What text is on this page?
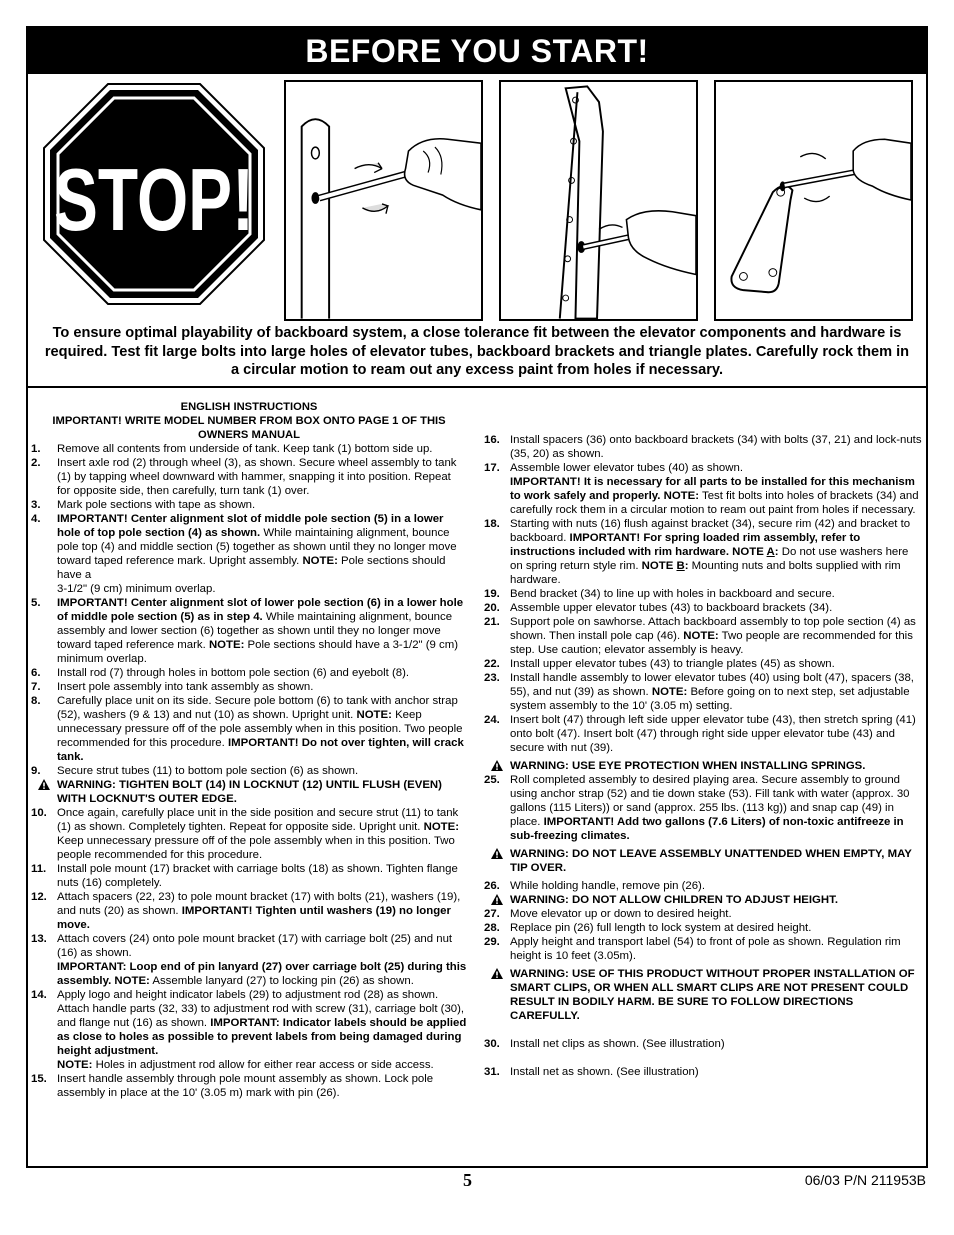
BEFORE YOU START!
STOP!
To ensure optimal playability of backboard system, a close tolerance fit between the elevator components and hardware is required. Test fit large bolts into large holes of elevator tubes, backboard brackets and triangle plates. Carefully rock them in a circular motion to ream out any excess paint from holes if necessary.
ENGLISH INSTRUCTIONS
IMPORTANT! WRITE MODEL NUMBER FROM BOX ONTO PAGE 1 OF THIS OWNERS MANUAL
1.	Remove all contents from underside of tank. Keep tank (1) bottom side up.
2.	Insert axle rod (2) through wheel (3), as shown. Secure wheel assembly to tank (1) by tapping wheel downward with hammer, snapping it into position. Repeat for opposite side, then carefully, turn tank (1) over.
3.	Mark pole sections with tape as shown.
4.	IMPORTANT! Center alignment slot of middle pole section (5) in a lower hole of top pole section (4) as shown. While maintaining alignment, bounce pole top (4) and middle section (5) together as shown until they no longer move toward taped reference mark. Upright assembly. NOTE: Pole sections should have a
3-1/2" (9 cm) minimum overlap.
5.	IMPORTANT! Center alignment slot of lower pole section (6) in a lower hole of middle pole section (5) as in step 4. While maintaining alignment, bounce assembly and lower section (6) together as shown until they no longer move toward taped reference mark. NOTE: Pole sections should have a 3-1/2" (9 cm) minimum overlap.
6.	Install rod (7) through holes in bottom pole section (6) and eyebolt (8).
7.	Insert pole assembly into tank assembly as shown.
8.	Carefully place unit on its side. Secure pole bottom (6) to tank with anchor strap (52), washers (9 & 13) and nut (10) as shown. Upright unit. NOTE: Keep unnecessary pressure off of the pole assembly when in this position. Two people recommended for this procedure. IMPORTANT! Do not over tighten, will crack tank.
9.	Secure strut tubes (11) to bottom pole section (6) as shown.
WARNING: TIGHTEN BOLT (14) IN LOCKNUT (12) UNTIL FLUSH (EVEN) WITH LOCKNUT'S OUTER EDGE.
10. Once again, carefully place unit in the side position and secure strut (11) to tank (1) as shown. Completely tighten. Repeat for opposite side. Upright unit. NOTE: Keep unnecessary pressure off of the pole assembly when in this position. Two people recommended for this procedure.
11. Install pole mount (17) bracket with carriage bolts (18) as shown. Tighten flange nuts (16) completely.
12. Attach spacers (22, 23) to pole mount bracket (17) with bolts (21), washers (19), and nuts (20) as shown. IMPORTANT! Tighten until washers (19) no longer move.
13. Attach covers (24) onto pole mount bracket (17) with carriage bolt (25) and nut (16) as shown.
IMPORTANT: Loop end of pin lanyard (27) over carriage bolt (25) during this assembly. NOTE: Assemble lanyard (27) to locking pin (26) as shown.
14. Apply logo and height indicator labels (29) to adjustment rod (28) as shown. Attach handle parts (32, 33) to adjustment rod with screw (31), carriage bolt (30), and flange nut (16) as shown. IMPORTANT: Indicator labels should be applied as close to holes as possible to prevent labels from being damaged during height adjustment.
NOTE: Holes in adjustment rod allow for either rear access or side access.
15. Insert handle assembly through pole mount assembly as shown. Lock pole assembly in place at the 10' (3.05 m) mark with pin (26).
16. Install spacers (36) onto backboard brackets (34) with bolts (37, 21) and lock-nuts (35, 20) as shown.
17. Assemble lower elevator tubes (40) as shown.
IMPORTANT! It is necessary for all parts to be installed for this mechanism to work safely and properly. NOTE: Test fit bolts into holes of brackets (34) and carefully rock them in a circular motion to ream out paint from holes if necessary.
18. Starting with nuts (16) flush against bracket (34), secure rim (42) and bracket to backboard. IMPORTANT! For spring loaded rim assembly, refer to instructions included with rim hardware. NOTE A: Do not use washers here on spring return style rim. NOTE B: Mounting nuts and bolts supplied with rim hardware.
19. Bend bracket (34) to line up with holes in backboard and secure.
20. Assemble upper elevator tubes (43) to backboard brackets (34).
21. Support pole on sawhorse. Attach backboard assembly to top pole section (4) as shown. Then install pole cap (46). NOTE: Two people are recommended for this step. Use caution; elevator assembly is heavy.
22. Install upper elevator tubes (43) to triangle plates (45) as shown.
23. Install handle assembly to lower elevator tubes (40) using bolt (47), spacers (38, 55), and nut (39) as shown. NOTE: Before going on to next step, set adjustable system assembly to the 10' (3.05 m) setting.
24. Insert bolt (47) through left side upper elevator tube (43), then stretch spring (41) onto bolt (47). Insert bolt (47) through right side upper elevator tube (43) and secure with nut (39).
WARNING: USE EYE PROTECTION WHEN INSTALLING SPRINGS.
25. Roll completed assembly to desired playing area. Secure assembly to ground using anchor strap (52) and tie down stake (53). Fill tank with water (approx. 30 gallons (115 Liters)) or sand (approx. 255 lbs. (113 kg)) and snap cap (49) in place. IMPORTANT! Add two gallons (7.6 Liters) of non-toxic antifreeze in sub-freezing climates.
WARNING: DO NOT LEAVE ASSEMBLY UNATTENDED WHEN EMPTY, MAY TIP OVER.
26. While holding handle, remove pin (26).
WARNING: DO NOT ALLOW CHILDREN TO ADJUST HEIGHT.
27. Move elevator up or down to desired height.
28. Replace pin (26) full length to lock system at desired height.
29. Apply height and transport label (54) to front of pole as shown. Regulation rim height is 10 feet (3.05m).
WARNING: USE OF THIS PRODUCT WITHOUT PROPER INSTALLATION OF SMART CLIPS, OR WHEN ALL SMART CLIPS ARE NOT PRESENT COULD RESULT IN BODILY HARM. BE SURE TO FOLLOW DIRECTIONS CAREFULLY.
30. Install net clips as shown. (See illustration)
31. Install net as shown. (See illustration)
5	06/03 P/N 211953B
